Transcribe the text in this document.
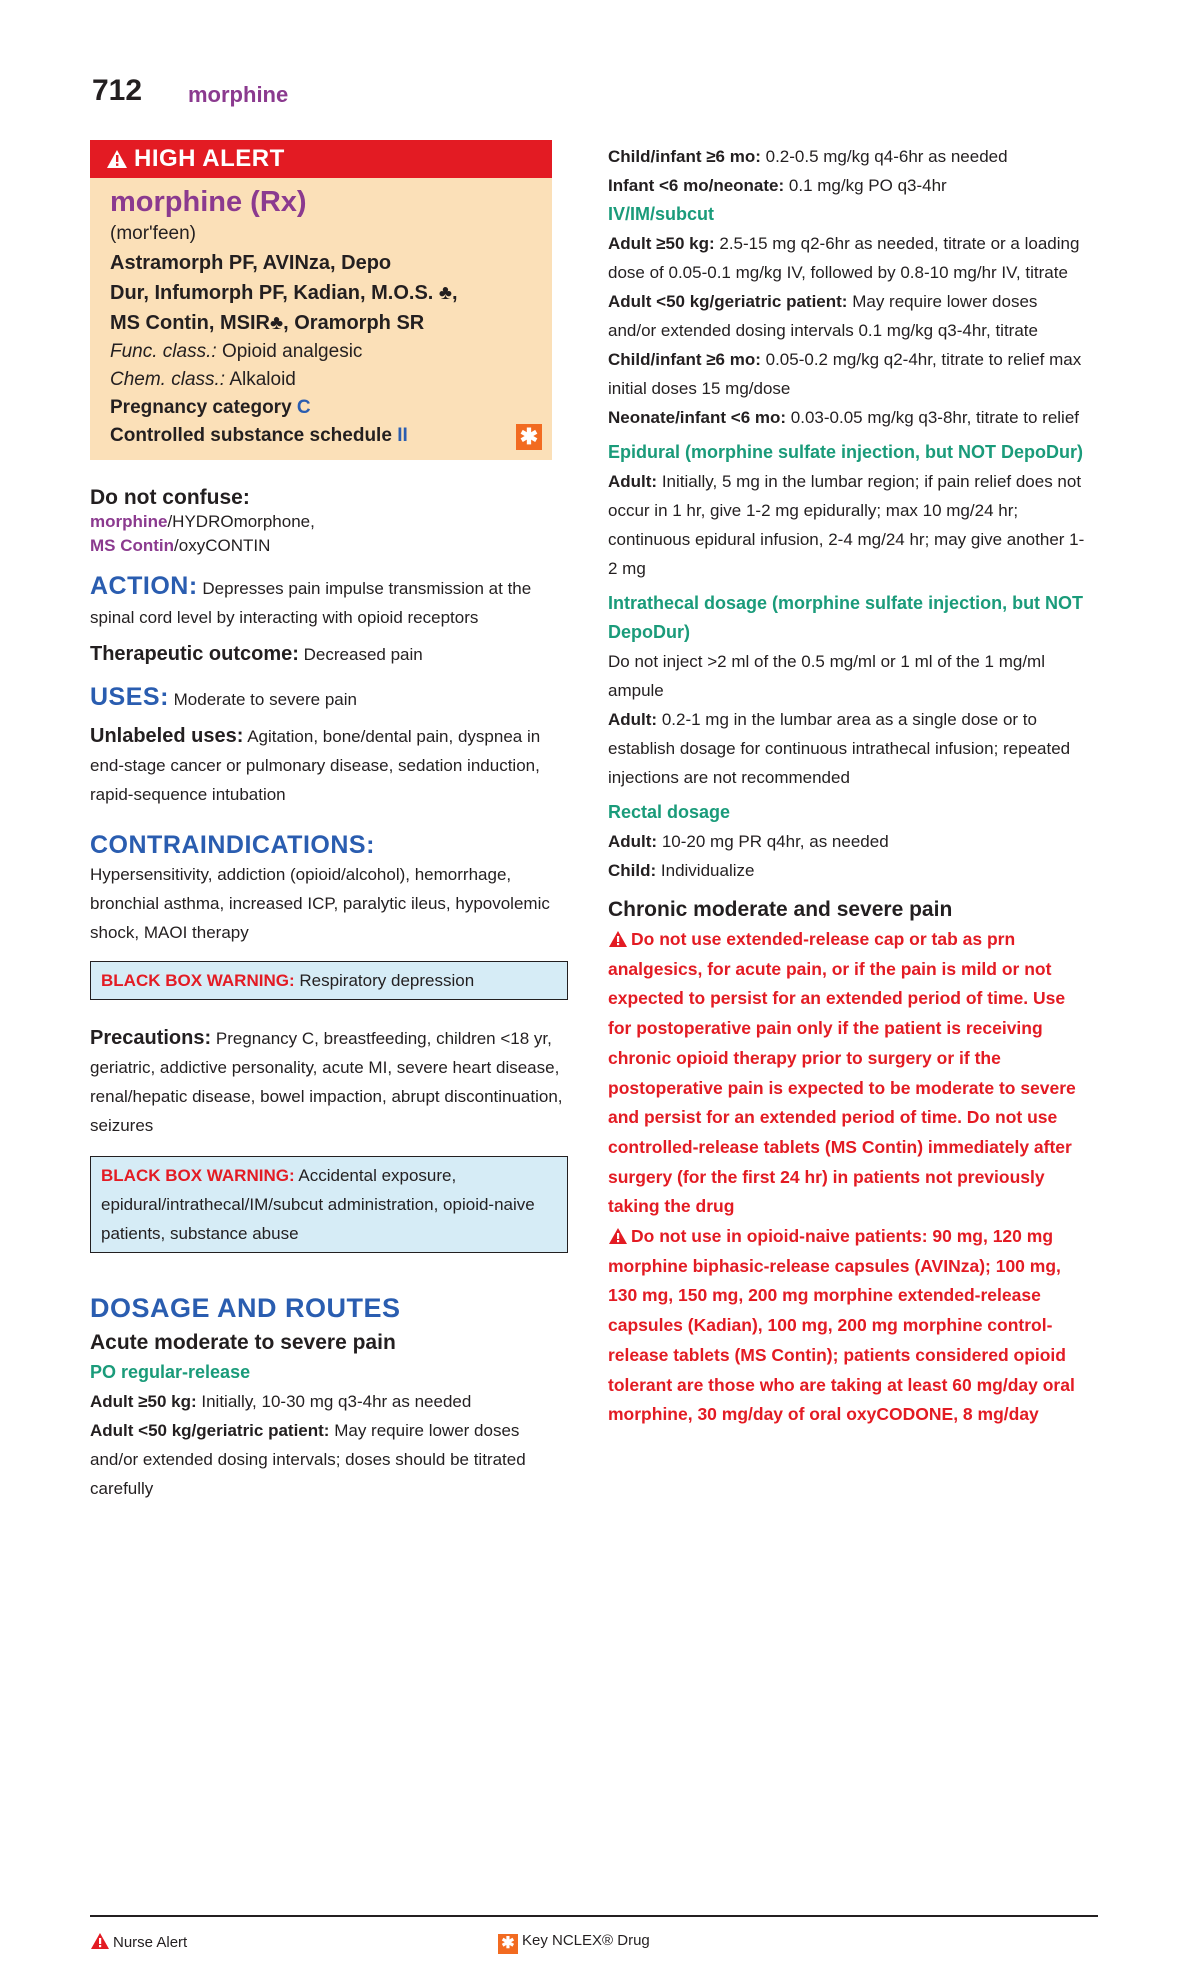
712 morphine
HIGH ALERT
morphine (Rx)
(mor'feen)
Astramorph PF, AVINza, Depo
Dur, Infumorph PF, Kadian, M.O.S. ♣,
MS Contin, MSIR♣, Oramorph SR
Func. class.: Opioid analgesic
Chem. class.: Alkaloid
Pregnancy category C
Controlled substance schedule II	✱
Do not confuse:
morphine/HYDROmorphone,
MS Contin/oxyCONTIN

ACTION: Depresses pain impulse transmission at the spinal cord level by interacting with opioid receptors

Therapeutic outcome: Decreased pain

USES: Moderate to severe pain

Unlabeled uses: Agitation, bone/dental pain, dyspnea in end-stage cancer or pulmonary disease, sedation induction, rapid-sequence intubation

CONTRAINDICATIONS:

Hypersensitivity, addiction (opioid/alcohol), hemorrhage, bronchial asthma, increased ICP, paralytic ileus, hypovolemic shock, MAOI therapy

BLACK BOX WARNING: Respiratory depression

Precautions: Pregnancy C, breastfeeding, children <18 yr, geriatric, addictive personality, acute MI, severe heart disease, renal/hepatic disease, bowel impaction, abrupt discontinuation, seizures

BLACK BOX WARNING: Accidental exposure, epidural/intrathecal/IM/subcut administration, opioid-naive patients, substance abuse
DOSAGE AND ROUTES
Acute moderate to severe pain
PO regular-release

Adult ≥50 kg: Initially, 10-30 mg q3-4hr as needed

Adult <50 kg/geriatric patient: May require lower doses and/or extended dosing intervals; doses should be titrated carefully

Child/infant ≥6 mo: 0.2-0.5 mg/kg q4-6hr as needed

Infant <6 mo/neonate: 0.1 mg/kg PO q3-4hr

IV/IM/subcut

Adult ≥50 kg: 2.5-15 mg q2-6hr as needed, titrate or a loading dose of 0.05-0.1 mg/kg IV, followed by 0.8-10 mg/hr IV, titrate

Adult <50 kg/geriatric patient: May require lower doses and/or extended dosing intervals 0.1 mg/kg q3-4hr, titrate

Child/infant ≥6 mo: 0.05-0.2 mg/kg q2-4hr, titrate to relief max initial doses 15 mg/dose

Neonate/infant <6 mo: 0.03-0.05 mg/kg q3-8hr, titrate to relief

Epidural (morphine sulfate injection, but NOT DepoDur)

Adult: Initially, 5 mg in the lumbar region; if pain relief does not occur in 1 hr, give 1-2 mg epidurally; max 10 mg/24 hr; continuous epidural infusion, 2-4 mg/24 hr; may give another 1-2 mg

Intrathecal dosage (morphine sulfate injection, but NOT DepoDur)

Do not inject >2 ml of the 0.5 mg/ml or 1 ml of the 1 mg/ml ampule

Adult: 0.2-1 mg in the lumbar area as a single dose or to establish dosage for continuous intrathecal infusion; repeated injections are not recommended

Rectal dosage

Adult: 10-20 mg PR q4hr, as needed

Child: Individualize

Chronic moderate and severe pain

Do not use extended-release cap or tab as prn analgesics, for acute pain, or if the pain is mild or not expected to persist for an extended period of time. Use for postoperative pain only if the patient is receiving chronic opioid therapy prior to surgery or if the postoperative pain is expected to be moderate to severe and persist for an extended period of time. Do not use controlled-release tablets (MS Contin) immediately after surgery (for the first 24 hr) in patients not previously taking the drug

Do not use in opioid-naive patients: 90 mg, 120 mg morphine biphasic-release capsules (AVINza); 100 mg, 130 mg, 150 mg, 200 mg morphine extended-release capsules (Kadian), 100 mg, 200 mg morphine control-release tablets (MS Contin); patients considered opioid tolerant are those who are taking at least 60 mg/day oral morphine, 30 mg/day of oral oxyCODONE, 8 mg/day

Nurse Alert	✱ Key NCLEX® Drug
